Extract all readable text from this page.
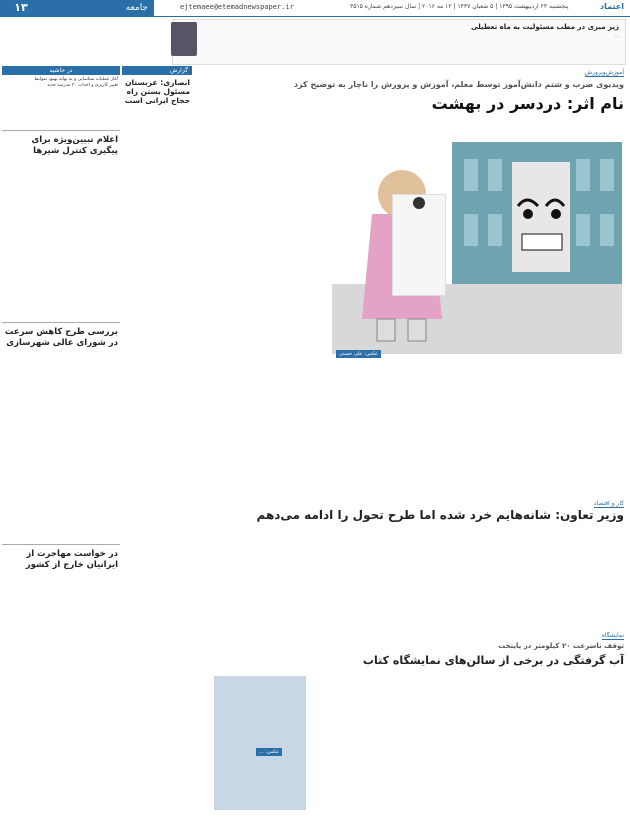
۱۳	جامعه	ejtemaee@etemadnewspaper.ir	پنجشنبه ۲۳ اردیبهشت ۱۳۹۵ | ۵ شعبان ۱۴۳۷ | ۱۲ مه ۲۰۱۶ | سال سیزدهم شماره ۳۵۱۵	اعتماد
زیر میزی در مطب مسئولیت به ماه تعطیلی
...
در حاشیه
آغاز عملیات شناسایی و به بهانه بهبود ضوابط
تغییر کاربری و احداث ۳۰ مدرسه جدید
اعلام تبیین‌ویژه برای پیگیری کنترل شیرها
بررسی طرح کاهش سرعت در شورای عالی شهرسازی
در خواست مهاجرت از ایرانیان خارج از کشور
گزارش
انصاری: عربستان مسئول بستن راه حجاج ایرانی است
آموزش‌و‌پرورش
ویدیوی ضرب و شتم دانش‌آموز توسط معلم، آموزش و پرورش را ناچار به توضیح کرد
نام اثر: دردسر در بهشت
عکس: علی حسنی
کار و اقتصاد
وزیر تعاون: شانه‌هایم خرد شده اما طرح تحول را ادامه می‌دهم
نمایشگاه
توقف ناسرعت ۲۰ کیلومتر در پایتخت
آب گرفتگی در برخی از سالن‌های نمایشگاه کتاب
عکس: ...
